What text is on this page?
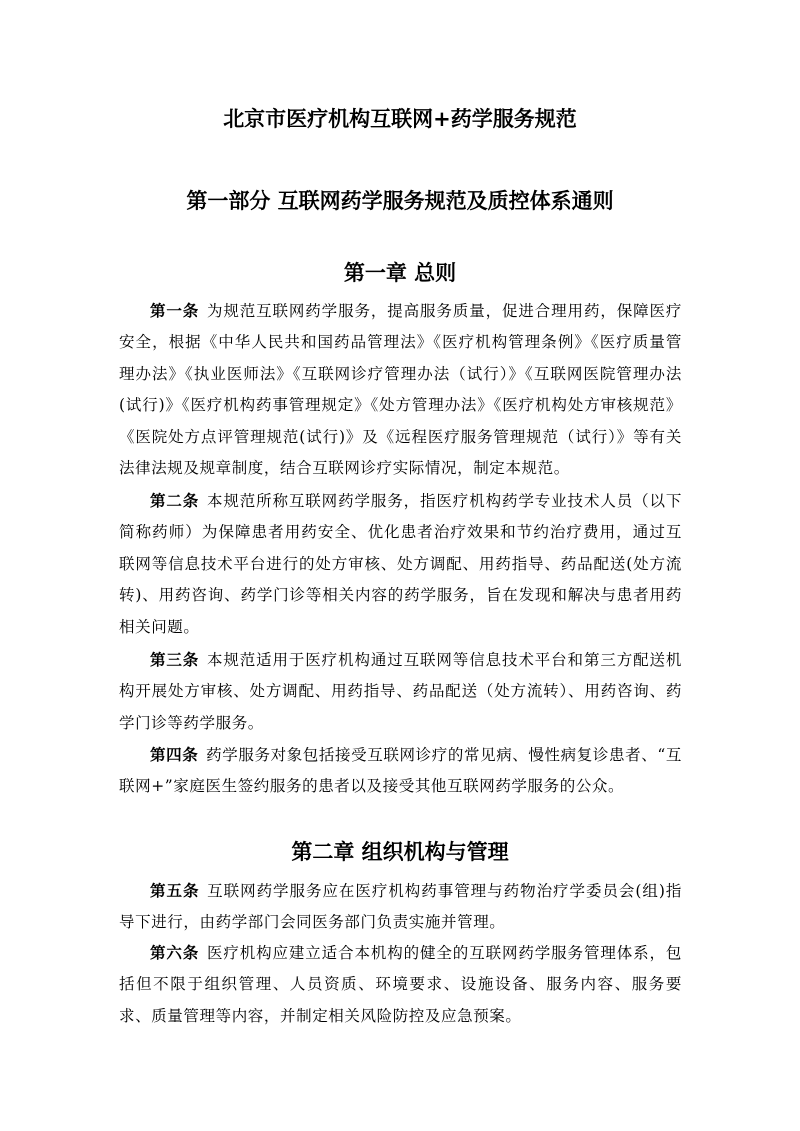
北京市医疗机构互联网+药学服务规范
第一部分 互联网药学服务规范及质控体系通则
第一章 总则

第一条 为规范互联网药学服务，提高服务质量，促进合理用药，保障医疗安全，根据《中华人民共和国药品管理法》《医疗机构管理条例》《医疗质量管理办法》《执业医师法》《互联网诊疗管理办法（试行）》《互联网医院管理办法(试行)》《医疗机构药事管理规定》《处方管理办法》《医疗机构处方审核规范》《医院处方点评管理规范(试行)》及《远程医疗服务管理规范（试行）》等有关法律法规及规章制度，结合互联网诊疗实际情况，制定本规范。

第二条 本规范所称互联网药学服务，指医疗机构药学专业技术人员（以下简称药师）为保障患者用药安全、优化患者治疗效果和节约治疗费用，通过互联网等信息技术平台进行的处方审核、处方调配、用药指导、药品配送(处方流转)、用药咨询、药学门诊等相关内容的药学服务，旨在发现和解决与患者用药相关问题。

第三条 本规范适用于医疗机构通过互联网等信息技术平台和第三方配送机构开展处方审核、处方调配、用药指导、药品配送（处方流转）、用药咨询、药学门诊等药学服务。

第四条 药学服务对象包括接受互联网诊疗的常见病、慢性病复诊患者、“互联网+”家庭医生签约服务的患者以及接受其他互联网药学服务的公众。

第二章 组织机构与管理

第五条 互联网药学服务应在医疗机构药事管理与药物治疗学委员会(组)指导下进行，由药学部门会同医务部门负责实施并管理。

第六条 医疗机构应建立适合本机构的健全的互联网药学服务管理体系，包括但不限于组织管理、人员资质、环境要求、设施设备、服务内容、服务要求、质量管理等内容，并制定相关风险防控及应急预案。
